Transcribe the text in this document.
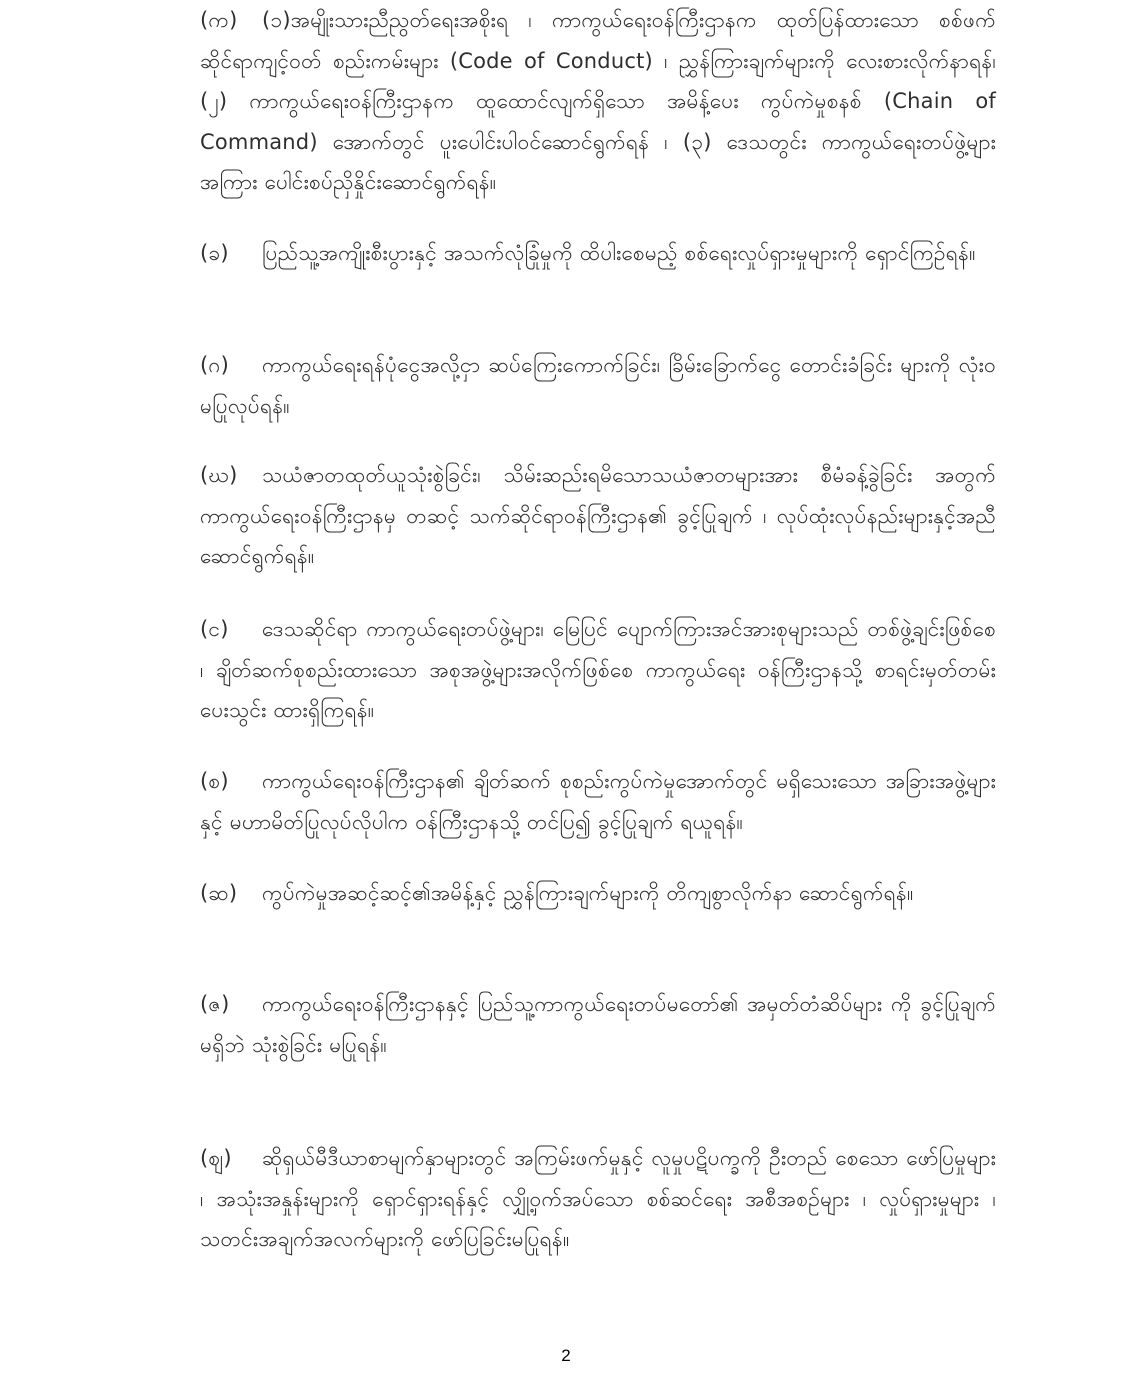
(က) (၁)အမျိုးသားညီညွတ်ရေးအစိုးရ ၊ ကာကွယ်ရေးဝန်ကြီးဌာနက ထုတ်ပြန်ထားသော စစ်ဖက်ဆိုင်ရာကျင့်ဝတ် စည်းကမ်းများ (Code of Conduct) ၊ ညွှန်ကြားချက်များကို လေးစားလိုက်နာရန်၊ (၂) ကာကွယ်ရေးဝန်ကြီးဌာနက ထူထောင်လျက်ရှိသော အမိန့်ပေး ကွပ်ကဲမှုစနစ် (Chain of Command) အောက်တွင် ပူးပေါင်းပါဝင်ဆောင်ရွက်ရန် ၊ (၃) ဒေသတွင်း ကာကွယ်ရေးတပ်ဖွဲ့များအကြား ပေါင်းစပ်ညှိနှိုင်းဆောင်ရွက်ရန်။

(ခ) ပြည်သူ့အကျိုးစီးပွားနှင့် အသက်လုံခြုံမှုကို ထိပါးစေမည့် စစ်ရေးလှုပ်ရှားမှုများကို ရှောင်ကြဉ်ရန်။

(ဂ) ကာကွယ်ရေးရန်ပုံငွေအလို့ငှာ ဆပ်ကြေးကောက်ခြင်း၊ ခြိမ်းခြောက်ငွေ တောင်းခံခြင်း များကို လုံးဝမပြုလုပ်ရန်။

(ဃ) သယံဇာတထုတ်ယူသုံးစွဲခြင်း၊ သိမ်းဆည်းရမိသောသယံဇာတများအား စီမံခန့်ခွဲခြင်း အတွက် ကာကွယ်ရေးဝန်ကြီးဌာနမှ တဆင့် သက်ဆိုင်ရာဝန်ကြီးဌာန၏ ခွင့်ပြုချက် ၊ လုပ်ထုံးလုပ်နည်းများနှင့်အညီ ဆောင်ရွက်ရန်။

(င) ဒေသဆိုင်ရာ ကာကွယ်ရေးတပ်ဖွဲ့များ၊ မြေပြင် ပျောက်ကြားအင်အားစုများသည် တစ်ဖွဲ့ချင်းဖြစ်စေ ၊ ချိတ်ဆက်စုစည်းထားသော အစုအဖွဲ့များအလိုက်ဖြစ်စေ ကာကွယ်ရေး ဝန်ကြီးဌာနသို့ စာရင်းမှတ်တမ်း ပေးသွင်း ထားရှိကြရန်။

(စ) ကာကွယ်ရေးဝန်ကြီးဌာန၏ ချိတ်ဆက် စုစည်းကွပ်ကဲမှုအောက်တွင် မရှိသေးသော အခြားအဖွဲ့များနှင့် မဟာမိတ်ပြုလုပ်လိုပါက ဝန်ကြီးဌာနသို့ တင်ပြ၍ ခွင့်ပြုချက် ရယူရန်။

(ဆ) ကွပ်ကဲမှုအဆင့်ဆင့်၏အမိန့်နှင့် ညွှန်ကြားချက်များကို တိကျစွာလိုက်နာ ဆောင်ရွက်ရန်။

(ဇ) ကာကွယ်ရေးဝန်ကြီးဌာနနှင့် ပြည်သူ့ကာကွယ်ရေးတပ်မတော်၏ အမှတ်တံဆိပ်များ ကို ခွင့်ပြုချက်မရှိဘဲ သုံးစွဲခြင်း မပြုရန်။

(ဈ) ဆိုရှယ်မီဒီယာစာမျက်နှာများတွင် အကြမ်းဖက်မှုနှင့် လူမှုပဋိပက္ခကို ဦးတည် စေသော ဖော်ပြမှုများ ၊ အသုံးအနှုန်းများကို ရှောင်ရှားရန်နှင့် လျှို့ဝှက်အပ်သော စစ်ဆင်ရေး အစီအစဉ်များ ၊ လှုပ်ရှားမှုများ ၊ သတင်းအချက်အလက်များကို ဖော်ပြခြင်းမပြုရန်။

2
